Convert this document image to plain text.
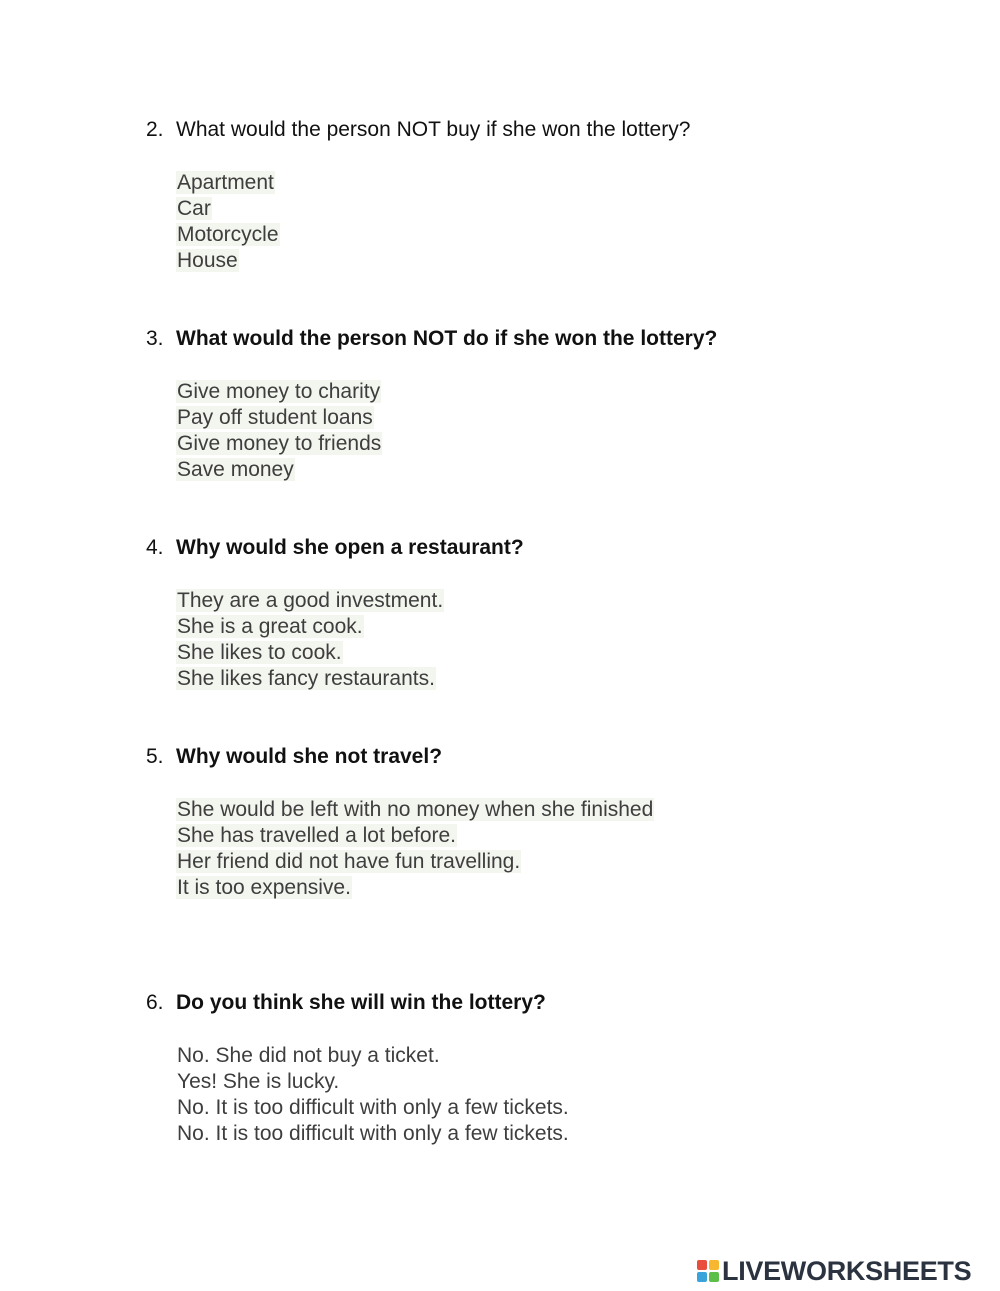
2. What would the person NOT buy if she won the lottery?
Apartment
Car
Motorcycle
House
3. What would the person NOT do if she won the lottery?
Give money to charity
Pay off student loans
Give money to friends
Save money
4. Why would she open a restaurant?
They are a good investment.
She is a great cook.
She likes to cook.
She likes fancy restaurants.
5. Why would she not travel?
She would be left with no money when she finished
She has travelled a lot before.
Her friend did not have fun travelling.
It is too expensive.
6. Do you think she will win the lottery?
No. She did not buy a ticket.
Yes! She is lucky.
No. It is too difficult with only a few tickets.
No. It is too difficult with only a few tickets.
LIVEWORKSHEETS
